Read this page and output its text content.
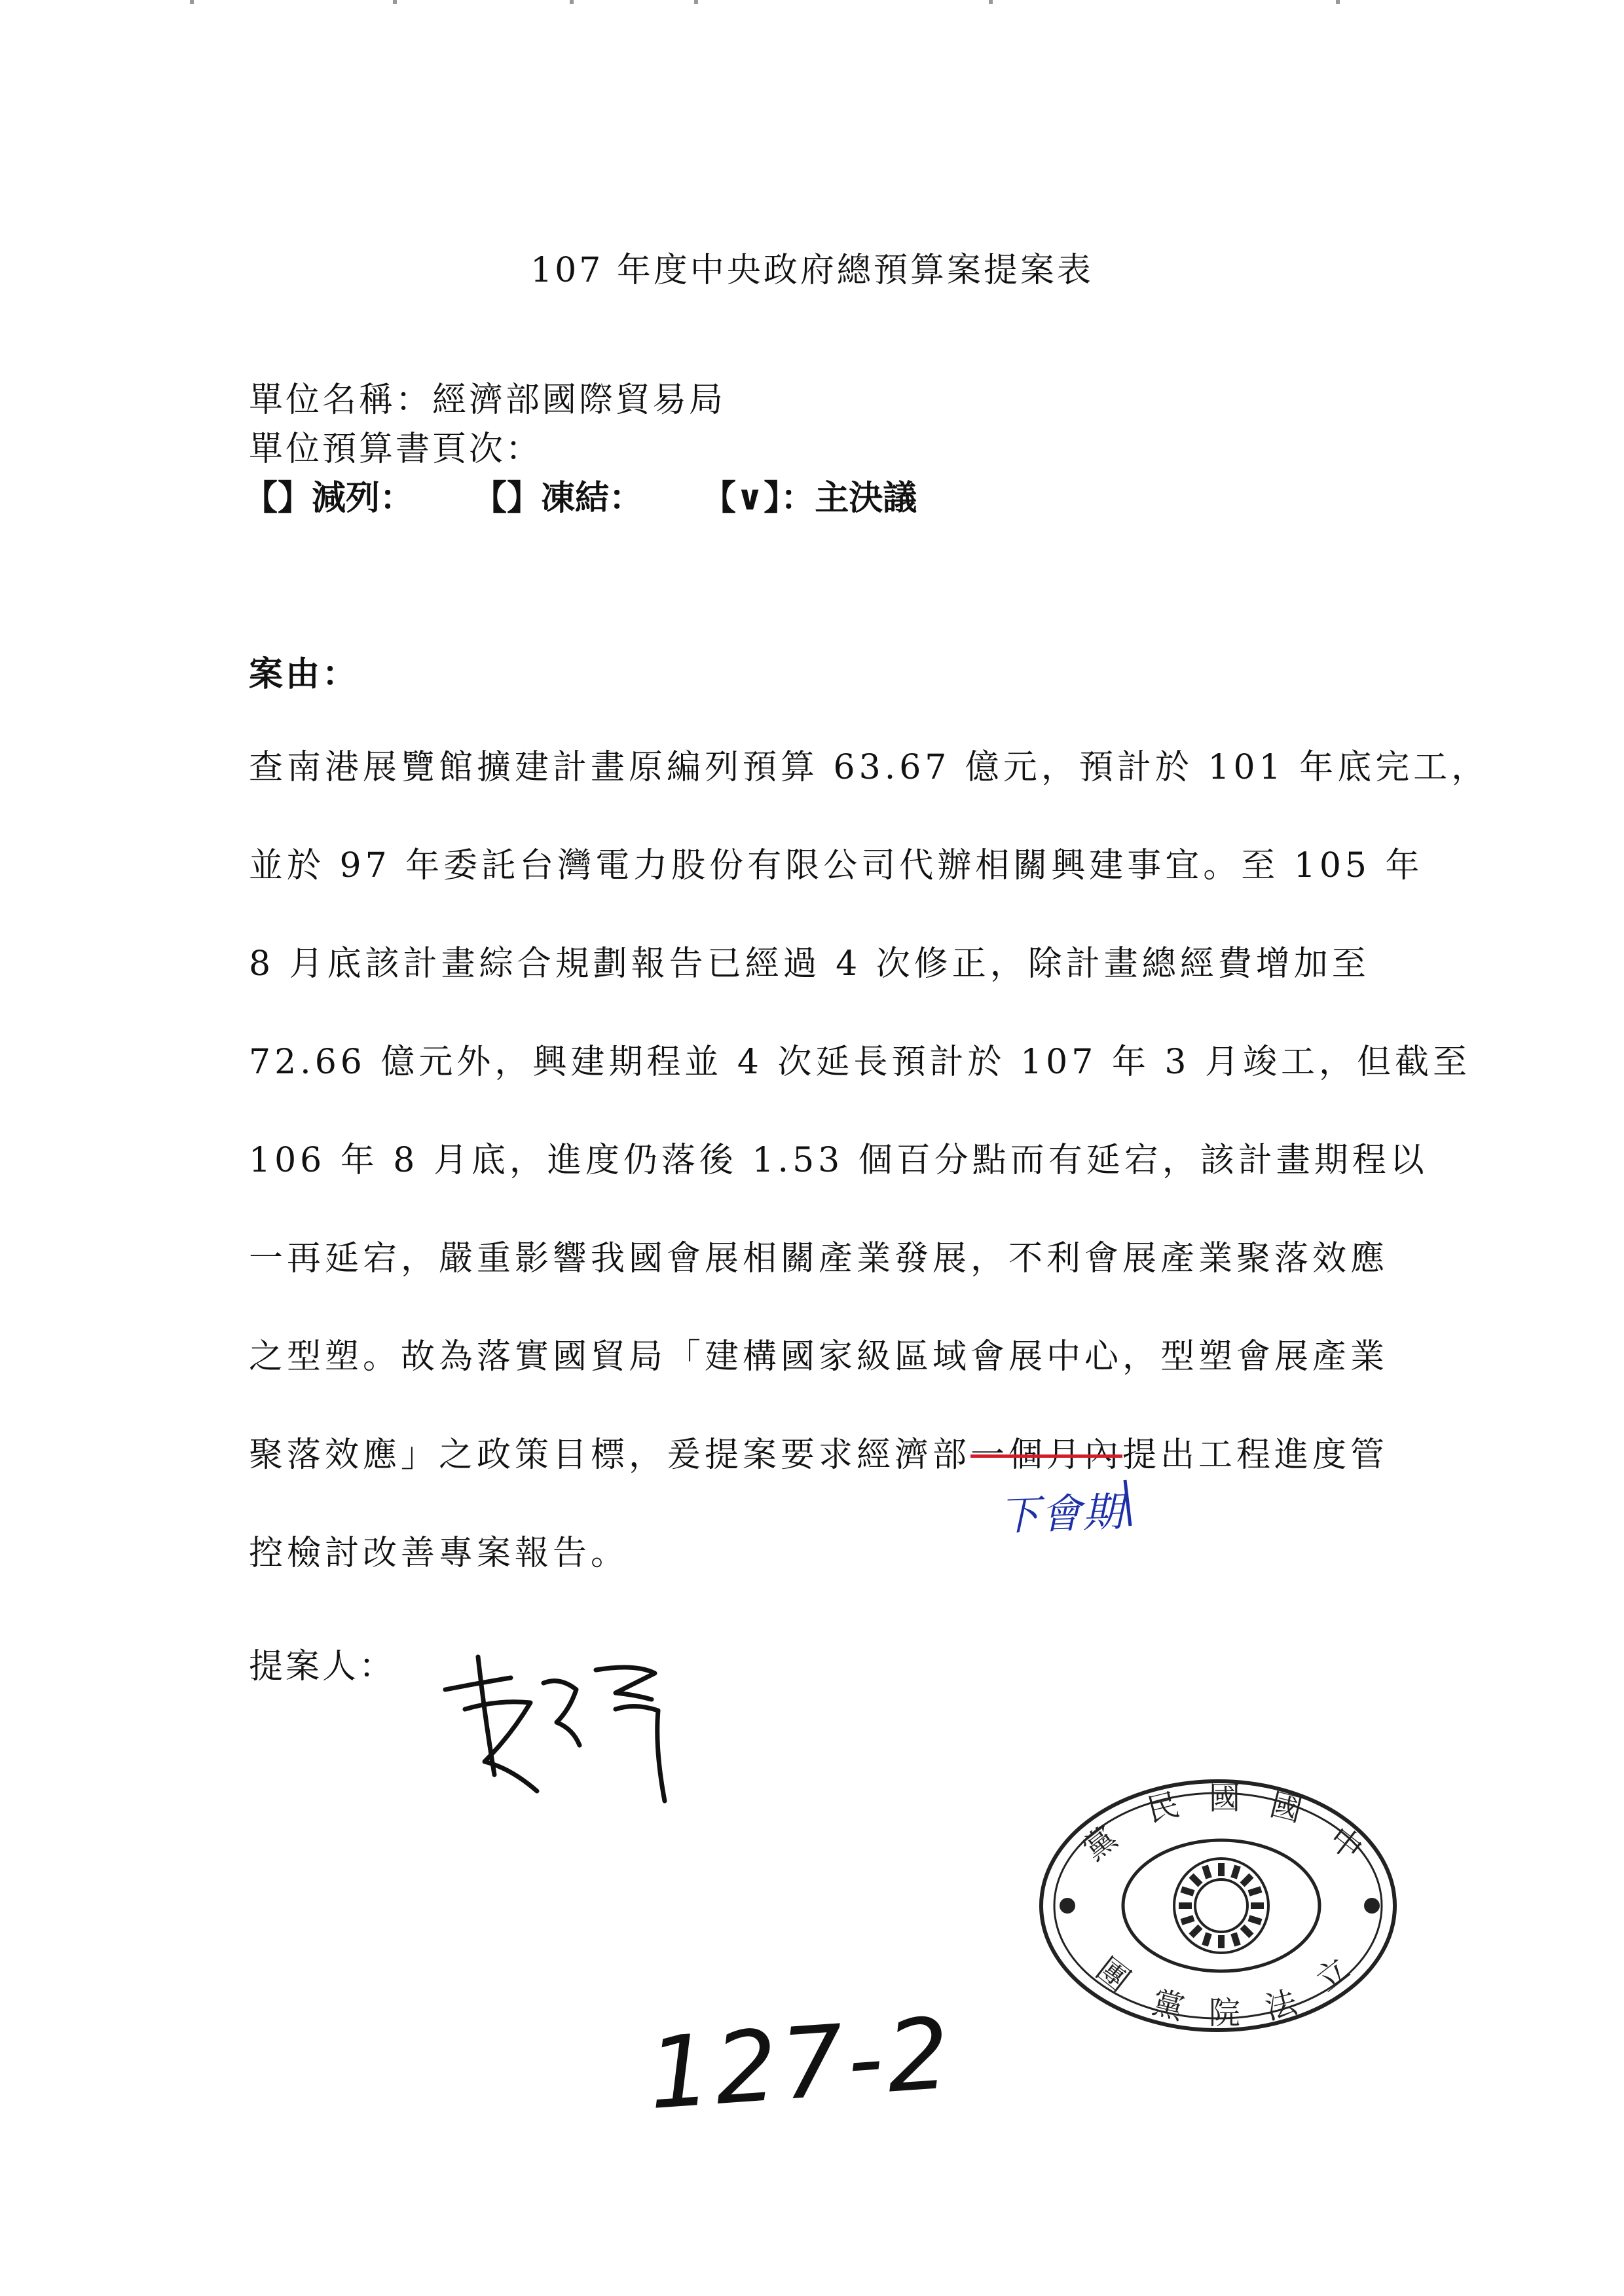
107 年度中央政府總預算案提案表
單位名稱：經濟部國際貿易局
單位預算書頁次：
【】減列： 【】凍結： 【∨】：主決議
案由：
查南港展覽館擴建計畫原編列預算 63.67 億元，預計於 101 年底完工，
並於 97 年委託台灣電力股份有限公司代辦相關興建事宜。至 105 年
8 月底該計畫綜合規劃報告已經過 4 次修正，除計畫總經費增加至
72.66 億元外，興建期程並 4 次延長預計於 107 年 3 月竣工，但截至
106 年 8 月底，進度仍落後 1.53 個百分點而有延宕，該計畫期程以
一再延宕，嚴重影響我國會展相關產業發展，不利會展產業聚落效應
之型塑。故為落實國貿局「建構國家級區域會展中心，型塑會展產業
聚落效應」之政策目標，爰提案要求經濟部一個月內提出工程進度管
下會期
控檢討改善專案報告。
提案人：
黨
民 國 國
中
團
黨 院 法
立
127-2
